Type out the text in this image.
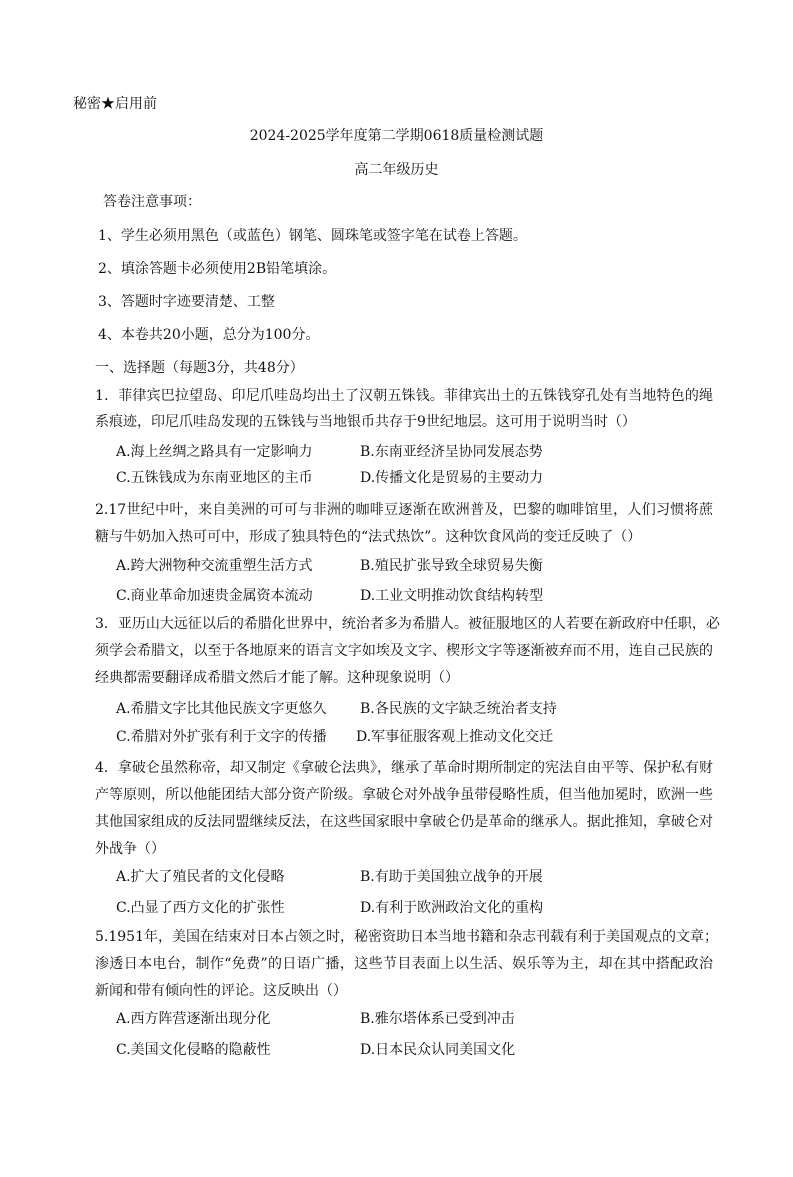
秘密★启用前
2024-2025学年度第二学期0618质量检测试题
高二年级历史
答卷注意事项：
1、学生必须用黑色（或蓝色）钢笔、圆珠笔或签字笔在试卷上答题。
2、填涂答题卡必须使用2B铅笔填涂。
3、答题时字迹要清楚、工整
4、本卷共20小题，总分为100分。
一、选择题（每题3分，共48分）
1．菲律宾巴拉望岛、印尼爪哇岛均出土了汉朝五铢钱。菲律宾出土的五铢钱穿孔处有当地特色的绳
系痕迹，印尼爪哇岛发现的五铢钱与当地银币共存于9世纪地层。这可用于说明当时（）
A.海上丝绸之路具有一定影响力	B.东南亚经济呈协同发展态势
C.五铢钱成为东南亚地区的主币	D.传播文化是贸易的主要动力
2.17世纪中叶，来自美洲的可可与非洲的咖啡豆逐渐在欧洲普及，巴黎的咖啡馆里，人们习惯将蔗
糖与牛奶加入热可可中，形成了独具特色的“法式热饮”。这种饮食风尚的变迁反映了（）
A.跨大洲物种交流重塑生活方式	B.殖民扩张导致全球贸易失衡
C.商业革命加速贵金属资本流动	D.工业文明推动饮食结构转型
3．亚历山大远征以后的希腊化世界中，统治者多为希腊人。被征服地区的人若要在新政府中任职，必
须学会希腊文，以至于各地原来的语言文字如埃及文字、楔形文字等逐渐被弃而不用，连自己民族的
经典都需要翻译成希腊文然后才能了解。这种现象说明（）
A.希腊文字比其他民族文字更悠久 B.各民族的文字缺乏统治者支持
C.希腊对外扩张有利于文字的传播 D.军事征服客观上推动文化交迁
4．拿破仑虽然称帝，却又制定《拿破仑法典》，继承了革命时期所制定的宪法自由平等、保护私有财
产等原则，所以他能团结大部分资产阶级。拿破仑对外战争虽带侵略性质，但当他加冕时，欧洲一些
其他国家组成的反法同盟继续反法，在这些国家眼中拿破仑仍是革命的继承人。据此推知，拿破仑对
外战争（）
A.扩大了殖民者的文化侵略	B.有助于美国独立战争的开展
C.凸显了西方文化的扩张性	D.有利于欧洲政治文化的重构
5.1951年，美国在结束对日本占领之时，秘密资助日本当地书籍和杂志刊载有利于美国观点的文章；
渗透日本电台，制作“免费”的日语广播，这些节目表面上以生活、娱乐等为主，却在其中搭配政治
新闻和带有倾向性的评论。这反映出（）
A.西方阵营逐渐出现分化	B.雅尔塔体系已受到冲击
C.美国文化侵略的隐蔽性	D.日本民众认同美国文化
